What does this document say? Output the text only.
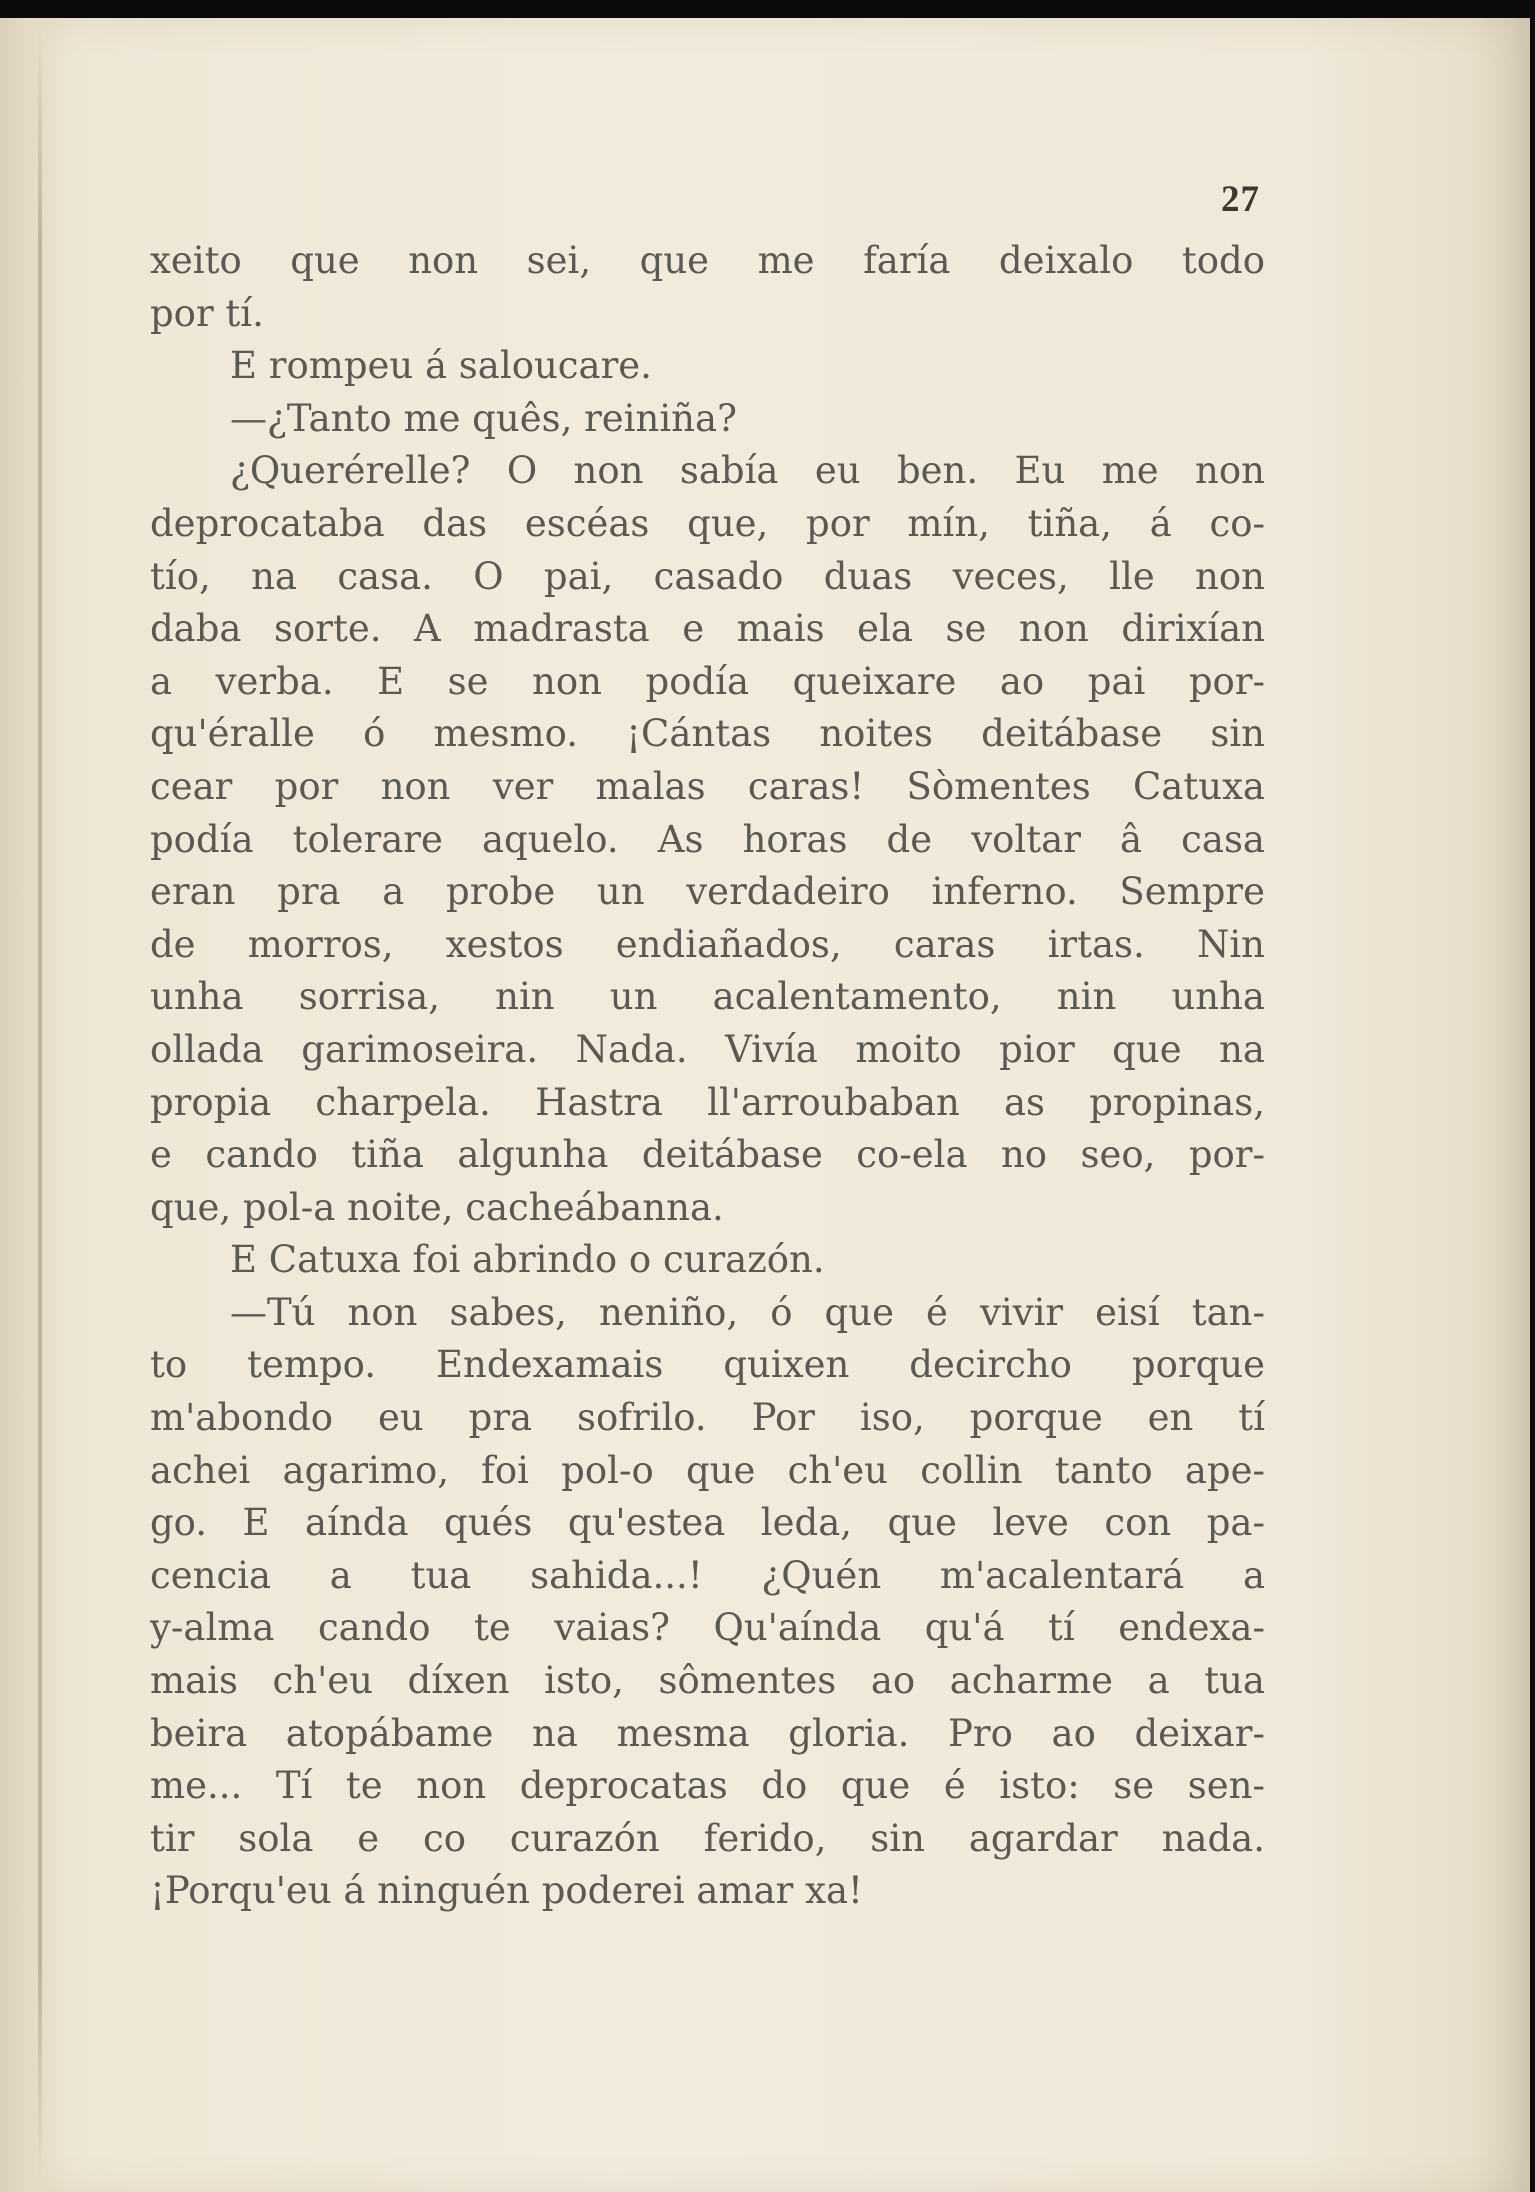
27
xeito que non sei, que me faría deixalo todo
por tí.
E rompeu á saloucare.
—¿Tanto me quês, reiniña?
¿Querérelle? O non sabía eu ben. Eu me non
deprocataba das escéas que, por mín, tiña, á co-
tío, na casa. O pai, casado duas veces, lle non
daba sorte. A madrasta e mais ela se non dirixían
a verba. E se non podía queixare ao pai por-
qu'éralle ó mesmo. ¡Cántas noites deitábase sin
cear por non ver malas caras! Sòmentes Catuxa
podía tolerare aquelo. As horas de voltar â casa
eran pra a probe un verdadeiro inferno. Sempre
de morros, xestos endiañados, caras irtas. Nin
unha sorrisa, nin un acalentamento, nin unha
ollada garimoseira. Nada. Vivía moito pior que na
propia charpela. Hastra ll'arroubaban as propinas,
e cando tiña algunha deitábase co-ela no seo, por-
que, pol-a noite, cacheábanna.
E Catuxa foi abrindo o curazón.
—Tú non sabes, neniño, ó que é vivir eisí tan-
to tempo. Endexamais quixen decircho porque
m'abondo eu pra sofrilo. Por iso, porque en tí
achei agarimo, foi pol-o que ch'eu collin tanto ape-
go. E aínda qués qu'estea leda, que leve con pa-
cencia a tua sahida...! ¿Quén m'acalentará a
y-alma cando te vaias? Qu'aínda qu'á tí endexa-
mais ch'eu díxen isto, sômentes ao acharme a tua
beira atopábame na mesma gloria. Pro ao deixar-
me... Tí te non deprocatas do que é isto: se sen-
tir sola e co curazón ferido, sin agardar nada.
¡Porqu'eu á ninguén poderei amar xa!
